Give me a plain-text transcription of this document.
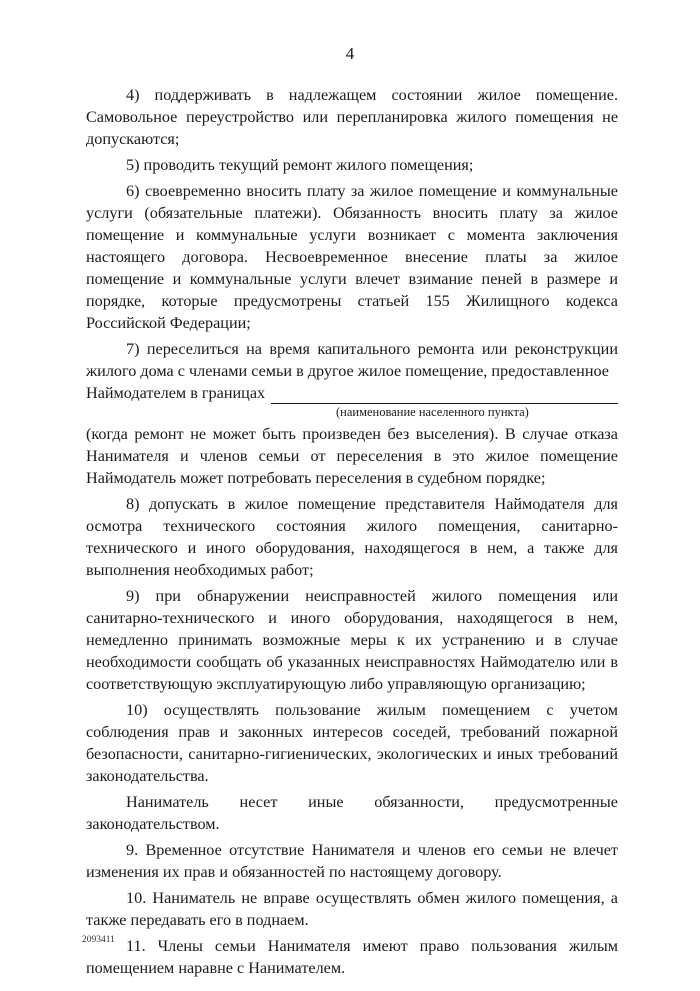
4

4) поддерживать в надлежащем состоянии жилое помещение. Самовольное переустройство или перепланировка жилого помещения не допускаются;

5) проводить текущий ремонт жилого помещения;

6) своевременно вносить плату за жилое помещение и коммунальные услуги (обязательные платежи). Обязанность вносить плату за жилое помещение и коммунальные услуги возникает с момента заключения настоящего договора. Несвоевременное внесение платы за жилое помещение и коммунальные услуги влечет взимание пеней в размере и порядке, которые предусмотрены статьей 155 Жилищного кодекса Российской Федерации;

7) переселиться на время капитального ремонта или реконструкции жилого дома с членами семьи в другое жилое помещение, предоставленное

Наймодателем в границах
(наименование населенного пункта)

(когда ремонт не может быть произведен без выселения). В случае отказа Нанимателя и членов семьи от переселения в это жилое помещение Наймодатель может потребовать переселения в судебном порядке;

8) допускать в жилое помещение представителя Наймодателя для осмотра технического состояния жилого помещения, санитарно-технического и иного оборудования, находящегося в нем, а также для выполнения необходимых работ;

9) при обнаружении неисправностей жилого помещения или санитарно-технического и иного оборудования, находящегося в нем, немедленно принимать возможные меры к их устранению и в случае необходимости сообщать об указанных неисправностях Наймодателю или в соответствующую эксплуатирующую либо управляющую организацию;

10) осуществлять пользование жилым помещением с учетом соблюдения прав и законных интересов соседей, требований пожарной безопасности, санитарно-гигиенических, экологических и иных требований законодательства.

Наниматель несет иные обязанности, предусмотренные законодательством.

9. Временное отсутствие Нанимателя и членов его семьи не влечет изменения их прав и обязанностей по настоящему договору.

10. Наниматель не вправе осуществлять обмен жилого помещения, а также передавать его в поднаем.

11. Члены семьи Нанимателя имеют право пользования жилым помещением наравне с Нанимателем.

2093411
